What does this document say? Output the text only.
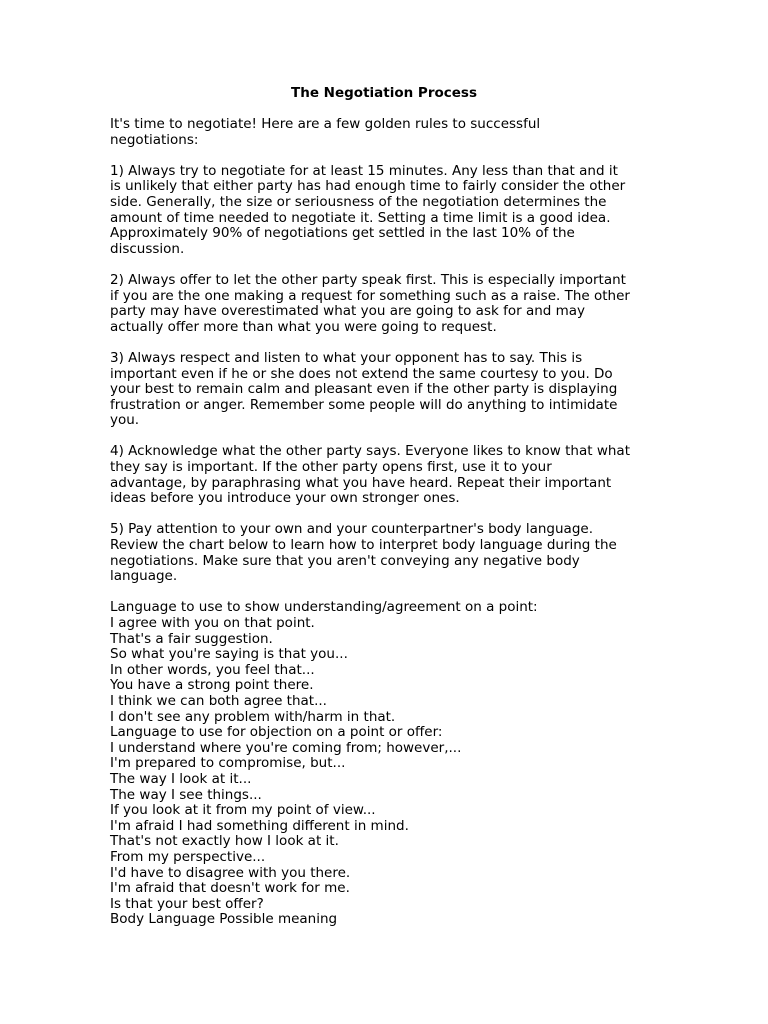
The Negotiation Process

It's time to negotiate! Here are a few golden rules to successful
negotiations:

1) Always try to negotiate for at least 15 minutes. Any less than that and it
is unlikely that either party has had enough time to fairly consider the other
side. Generally, the size or seriousness of the negotiation determines the
amount of time needed to negotiate it. Setting a time limit is a good idea.
Approximately 90% of negotiations get settled in the last 10% of the
discussion.

2) Always offer to let the other party speak first. This is especially important
if you are the one making a request for something such as a raise. The other
party may have overestimated what you are going to ask for and may
actually offer more than what you were going to request.

3) Always respect and listen to what your opponent has to say. This is
important even if he or she does not extend the same courtesy to you. Do
your best to remain calm and pleasant even if the other party is displaying
frustration or anger. Remember some people will do anything to intimidate
you.

4) Acknowledge what the other party says. Everyone likes to know that what
they say is important. If the other party opens first, use it to your
advantage, by paraphrasing what you have heard. Repeat their important
ideas before you introduce your own stronger ones.

5) Pay attention to your own and your counterpartner's body language.
Review the chart below to learn how to interpret body language during the
negotiations. Make sure that you aren't conveying any negative body
language.

Language to use to show understanding/agreement on a point:
I agree with you on that point.
That's a fair suggestion.
So what you're saying is that you...
In other words, you feel that...
You have a strong point there.
I think we can both agree that...
I don't see any problem with/harm in that.
Language to use for objection on a point or offer:
I understand where you're coming from; however,...
I'm prepared to compromise, but...
The way I look at it...
The way I see things...
If you look at it from my point of view...
I'm afraid I had something different in mind.
That's not exactly how I look at it.
From my perspective...
I'd have to disagree with you there.
I'm afraid that doesn't work for me.
Is that your best offer?
Body Language Possible meaning
